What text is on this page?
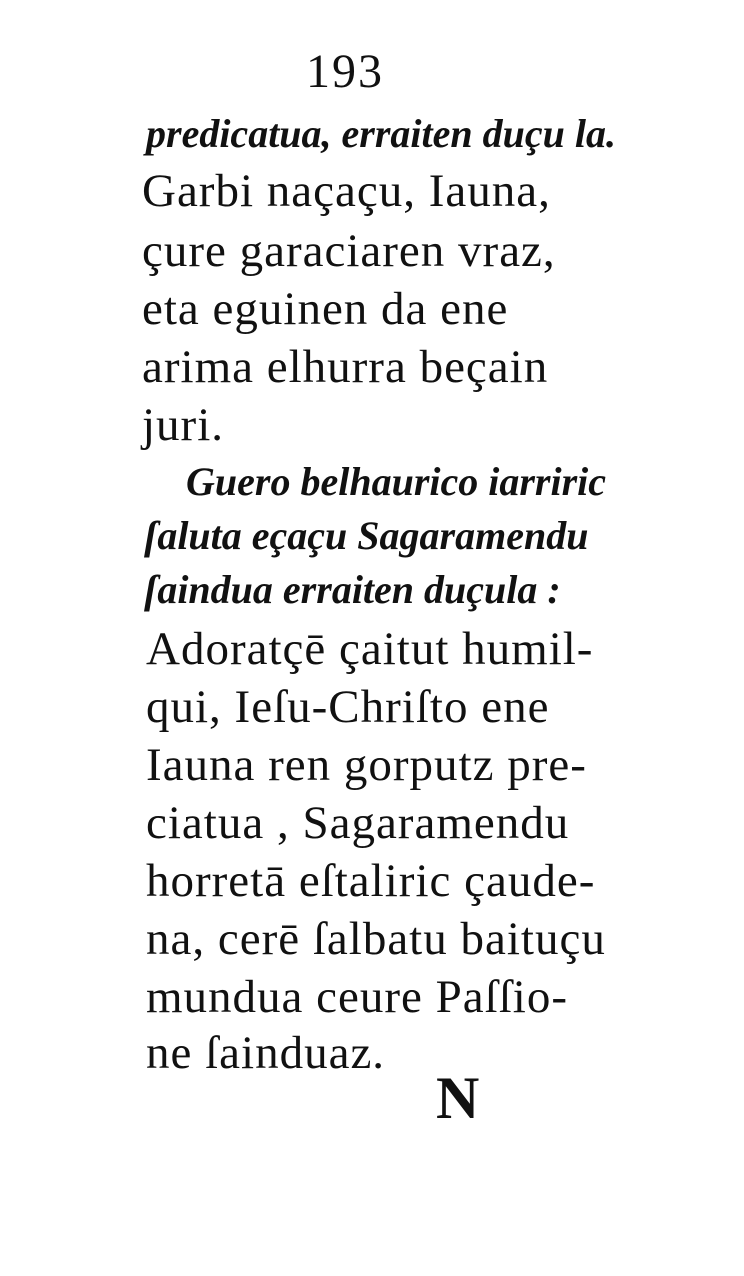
193
predicatua, erraiten duçu la.
Garbi naçaçu, Iauna,
çure garaciaren vraz,
eta eguinen da ene
arima elhurra beçain
juri.
Guero belhaurico iarriric
ſaluta eçaçu Sagaramendu
ſaindua erraiten duçula :
Adoratçē çaitut humil-
qui, Ieſu-Chriſto ene
Iauna ren gorputz pre-
ciatua , Sagaramendu
horretā eſtaliric çaude-
na, cerē ſalbatu baituçu
mundua ceure Paſſio-
ne ſainduaz.
N
